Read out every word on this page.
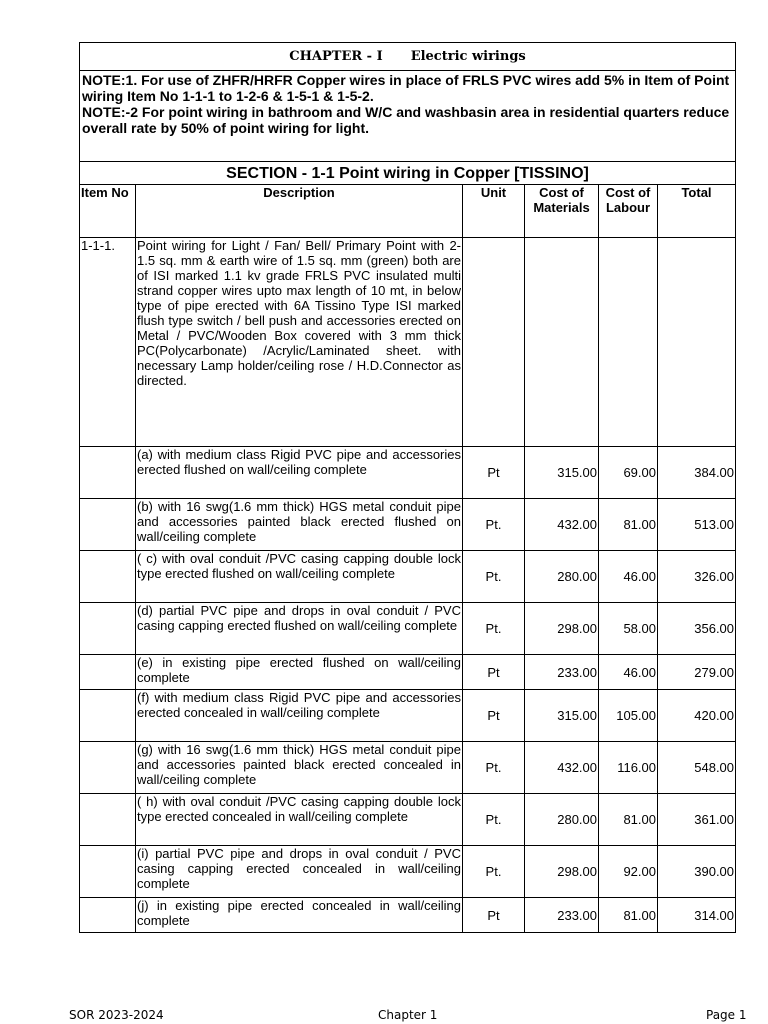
CHAPTER - I Electric wirings					

NOTE:1. For use of ZHFR/HRFR Copper wires in place of FRLS PVC wires add 5% in Item of Point wiring Item No 1-1-1 to 1-2-6 & 1-5-1 & 1-5-2.
NOTE:-2 For point wiring in bathroom and W/C and washbasin area in residential quarters reduce overall rate by 50% of point wiring for light.					

SECTION - 1-1 Point wiring in Copper [TISSINO]					
Item No	Description	Unit	Cost of Materials	Cost of Labour	Total
1-1-1.	Point wiring for Light / Fan/ Bell/ Primary Point with 2-1.5 sq. mm & earth wire of 1.5 sq. mm (green) both are of ISI marked 1.1 kv grade FRLS PVC insulated multi strand copper wires upto max length of 10 mt, in below type of pipe erected with 6A Tissino Type ISI marked flush type switch / bell push and accessories erected on Metal / PVC/Wooden Box covered with 3 mm thick PC(Polycarbonate) /Acrylic/Laminated sheet. with necessary Lamp holder/ceiling rose / H.D.Connector as directed.				
	(a) with medium class Rigid PVC pipe and accessories erected flushed on wall/ceiling complete	Pt	315.00	69.00	384.00
	(b) with 16 swg(1.6 mm thick) HGS metal conduit pipe and accessories painted black erected flushed on wall/ceiling complete	Pt.	432.00	81.00	513.00
	( c) with oval conduit /PVC casing capping double lock type erected flushed on wall/ceiling complete	Pt.	280.00	46.00	326.00
	(d) partial PVC pipe and drops in oval conduit / PVC casing capping erected flushed on wall/ceiling complete	Pt.	298.00	58.00	356.00
	(e) in existing pipe erected flushed on wall/ceiling complete	Pt	233.00	46.00	279.00
	(f) with medium class Rigid PVC pipe and accessories erected concealed in wall/ceiling complete	Pt	315.00	105.00	420.00
	(g) with 16 swg(1.6 mm thick) HGS metal conduit pipe and accessories painted black erected concealed in wall/ceiling complete	Pt.	432.00	116.00	548.00
	( h) with oval conduit /PVC casing capping double lock type erected concealed in wall/ceiling complete	Pt.	280.00	81.00	361.00
	(i) partial PVC pipe and drops in oval conduit / PVC casing capping erected concealed in wall/ceiling complete	Pt.	298.00	92.00	390.00
	(j) in existing pipe erected concealed in wall/ceiling complete	Pt	233.00	81.00	314.00
SOR 2023-2024	Chapter 1	Page 1
